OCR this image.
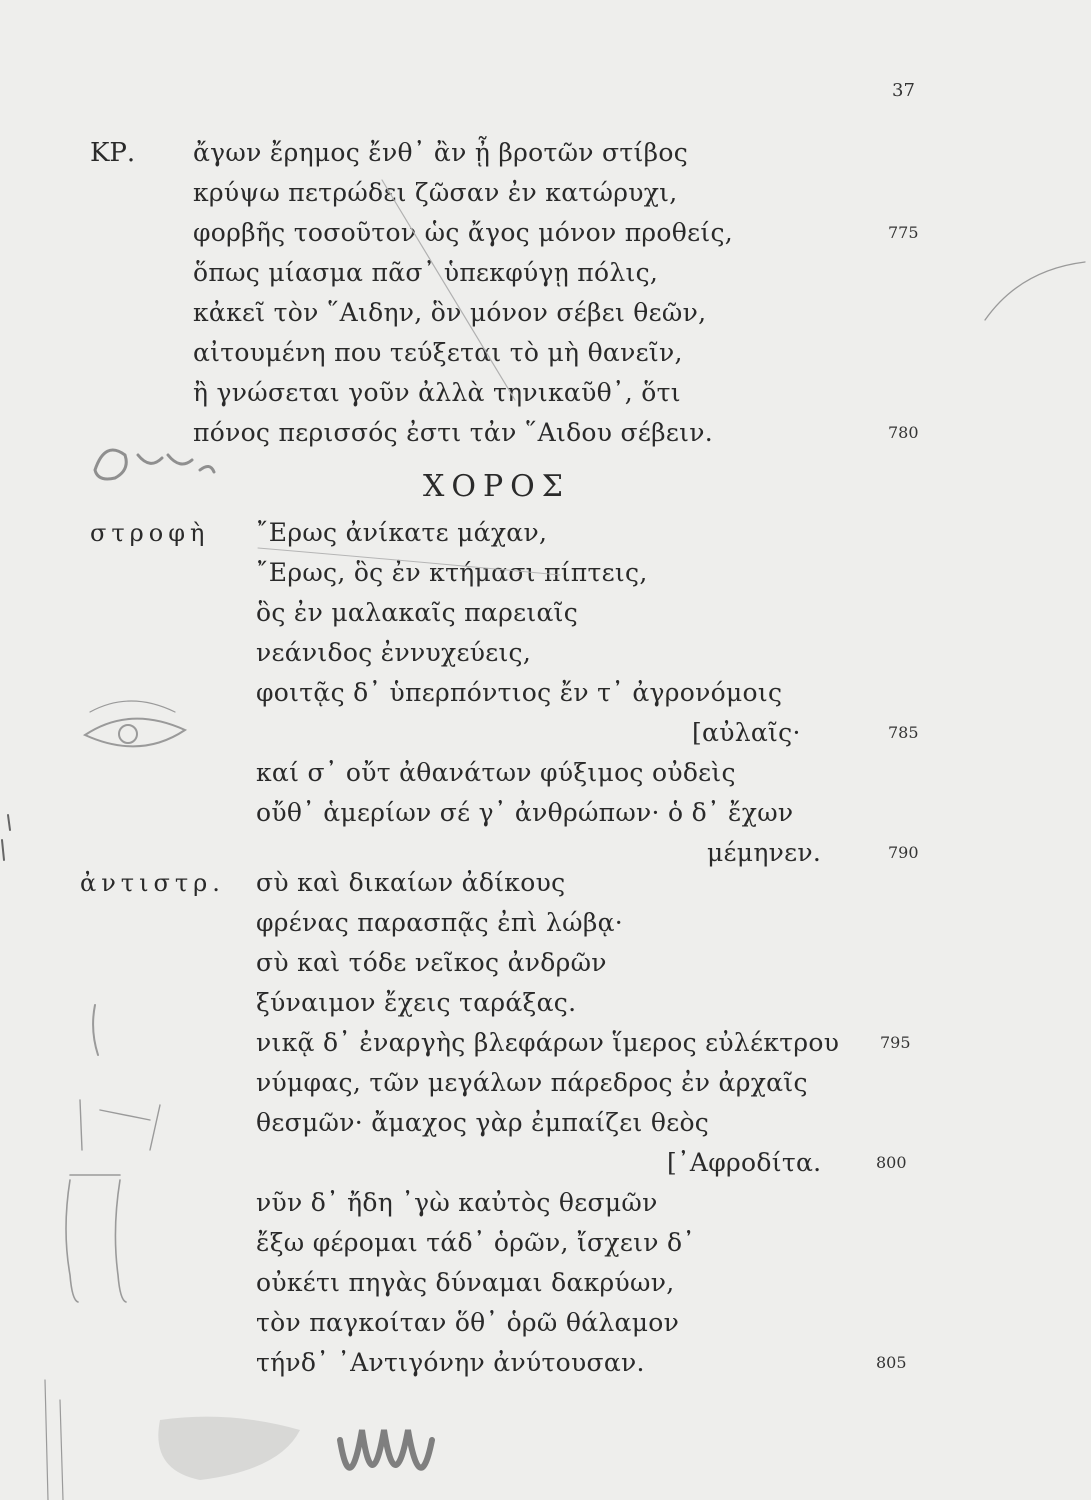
37
ΚΡ. ἄγων ἔρημος ἔνθ᾽ ἂν ᾖ βροτῶν στίβος
κρύψω πετρώδει ζῶσαν ἐν κατώρυχι,
φορβῆς τοσοῦτον ὡς ἄγος μόνον προθείς,	775
ὅπως μίασμα πᾶσ᾽ ὑπεκφύγῃ πόλις,
κἀκεῖ τὸν ῞Αιδην, ὃν μόνον σέβει θεῶν,
αἰτουμένη που τεύξεται τὸ μὴ θανεῖν,
ἢ γνώσεται γοῦν ἀλλὰ τηνικαῦθ᾽, ὅτι
πόνος περισσός ἐστι τἀν ῞Αιδου σέβειν.	780
ΧΟΡΟΣ
στροφὴ ῎Ερως ἀνίκατε μάχαν,
῎Ερως, ὃς ἐν κτήμασι πίπτεις,
ὃς ἐν μαλακαῖς παρειαῖς
νεάνιδος ἐννυχεύεις,
φοιτᾷς δ᾽ ὑπερπόντιος ἔν τ᾽ ἀγρονόμοις
[αὐλαῖς·	785
καί σ᾽ οὔτ ἀθανάτων φύξιμος οὐδεὶς
οὔθ᾽ ἁμερίων σέ γ᾽ ἀνθρώπων· ὁ δ᾽ ἔχων
μέμηνεν.	790
ἀντιστρ. σὺ καὶ δικαίων ἀδίκους
φρένας παρασπᾷς ἐπὶ λώβᾳ·
σὺ καὶ τόδε νεῖκος ἀνδρῶν
ξύναιμον ἔχεις ταράξας.
νικᾷ δ᾽ ἐναργὴς βλεφάρων ἵμερος εὐλέκτρου	795
νύμφας, τῶν μεγάλων πάρεδρος ἐν ἀρχαῖς
θεσμῶν· ἄμαχος γὰρ ἐμπαίζει θεὸς
[᾽Αφροδίτα.	800
νῦν δ᾽ ἤδη ᾽γὼ καὐτὸς θεσμῶν
ἔξω φέρομαι τάδ᾽ ὁρῶν, ἴσχειν δ᾽
οὐκέτι πηγὰς δύναμαι δακρύων,
τὸν παγκοίταν ὅθ᾽ ὁρῶ θάλαμον
τήνδ᾽ ᾽Αντιγόνην ἀνύτουσαν.	805
